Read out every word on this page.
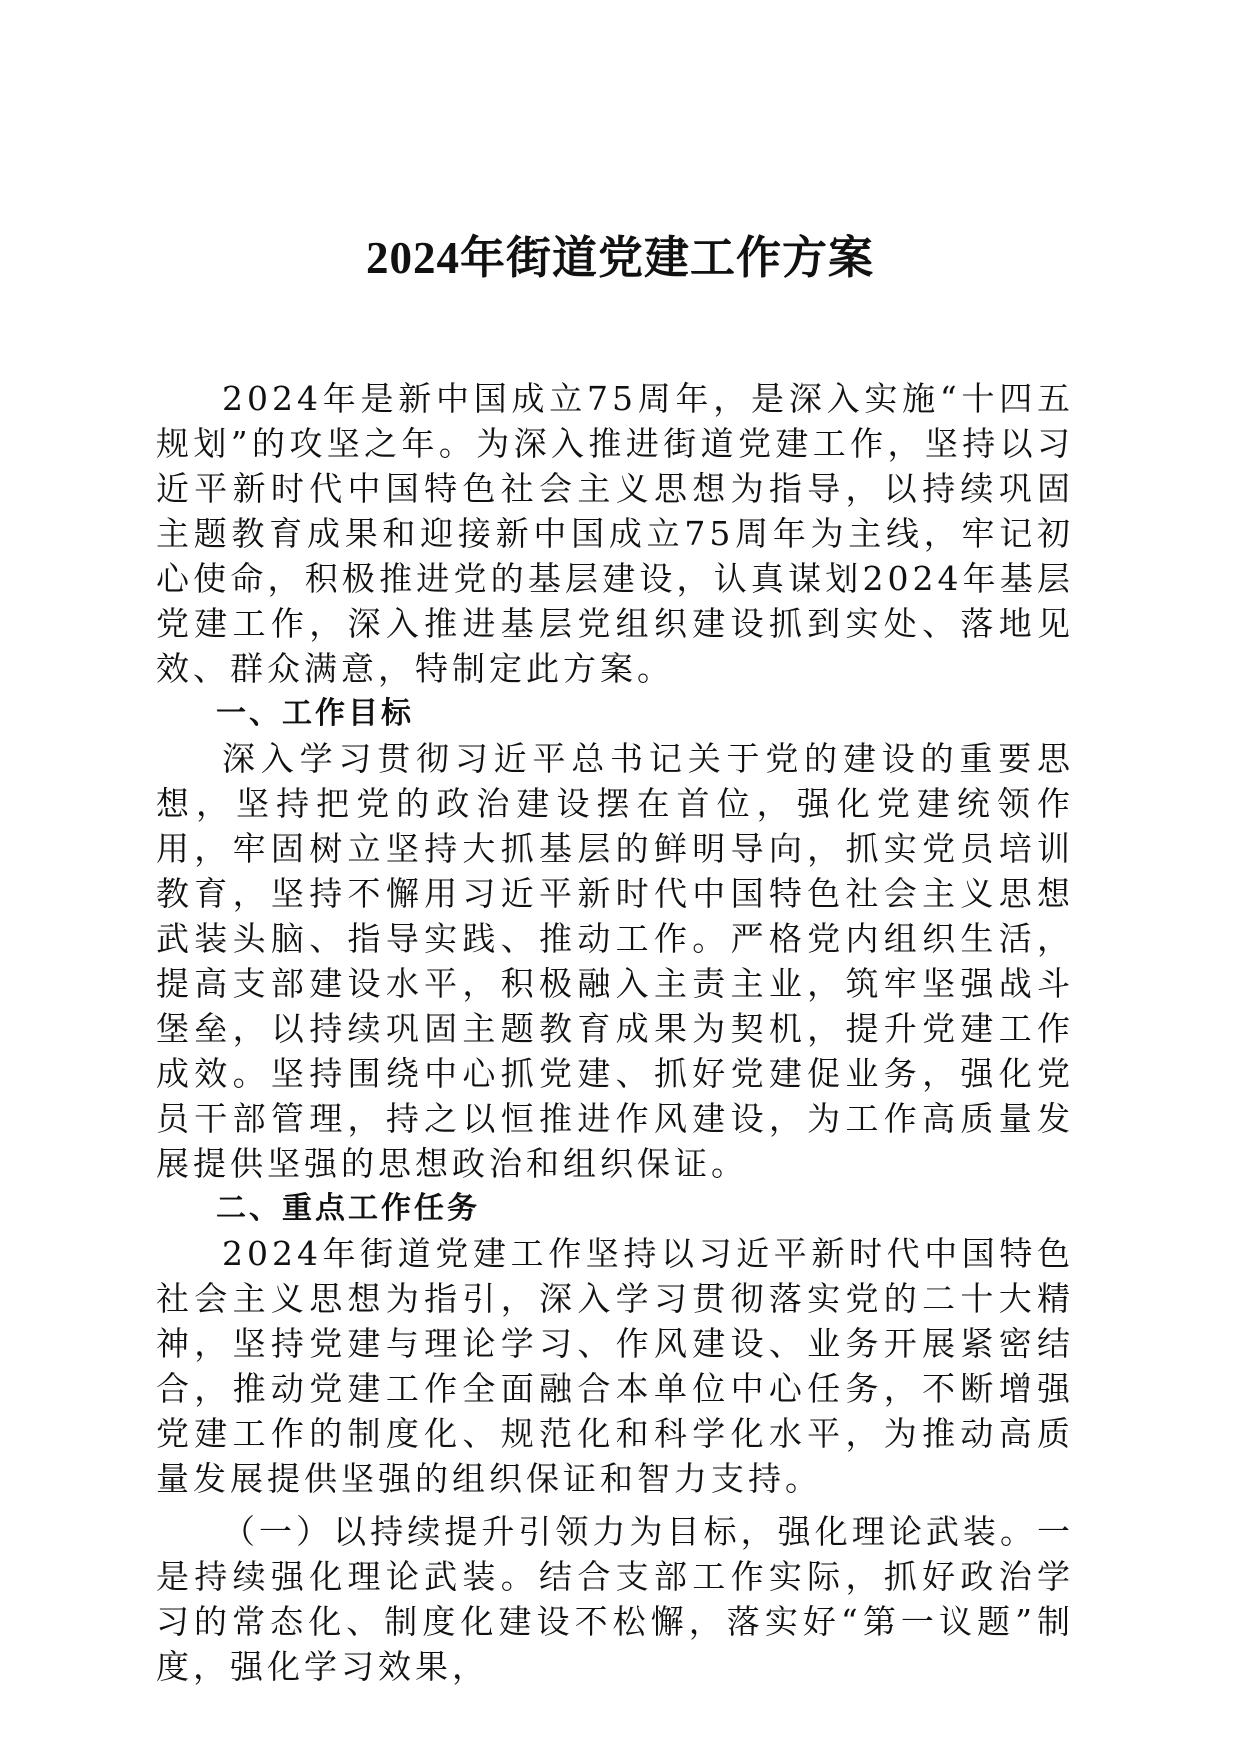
2024年街道党建工作方案

2024年是新中国成立75周年，是深入实施“十四五规划”的攻坚之年。为深入推进街道党建工作，坚持以习近平新时代中国特色社会主义思想为指导，以持续巩固主题教育成果和迎接新中国成立75周年为主线，牢记初心使命，积极推进党的基层建设，认真谋划2024年基层党建工作，深入推进基层党组织建设抓到实处、落地见效、群众满意，特制定此方案。

一、工作目标

深入学习贯彻习近平总书记关于党的建设的重要思想，坚持把党的政治建设摆在首位，强化党建统领作用，牢固树立坚持大抓基层的鲜明导向，抓实党员培训教育，坚持不懈用习近平新时代中国特色社会主义思想武装头脑、指导实践、推动工作。严格党内组织生活，提高支部建设水平，积极融入主责主业，筑牢坚强战斗堡垒，以持续巩固主题教育成果为契机，提升党建工作成效。坚持围绕中心抓党建、抓好党建促业务，强化党员干部管理，持之以恒推进作风建设，为工作高质量发展提供坚强的思想政治和组织保证。

二、重点工作任务

2024年街道党建工作坚持以习近平新时代中国特色社会主义思想为指引，深入学习贯彻落实党的二十大精神，坚持党建与理论学习、作风建设、业务开展紧密结合，推动党建工作全面融合本单位中心任务，不断增强党建工作的制度化、规范化和科学化水平，为推动高质量发展提供坚强的组织保证和智力支持。

（一）以持续提升引领力为目标，强化理论武装。一是持续强化理论武装。结合支部工作实际，抓好政治学习的常态化、制度化建设不松懈，落实好“第一议题”制度，强化学习效果，
